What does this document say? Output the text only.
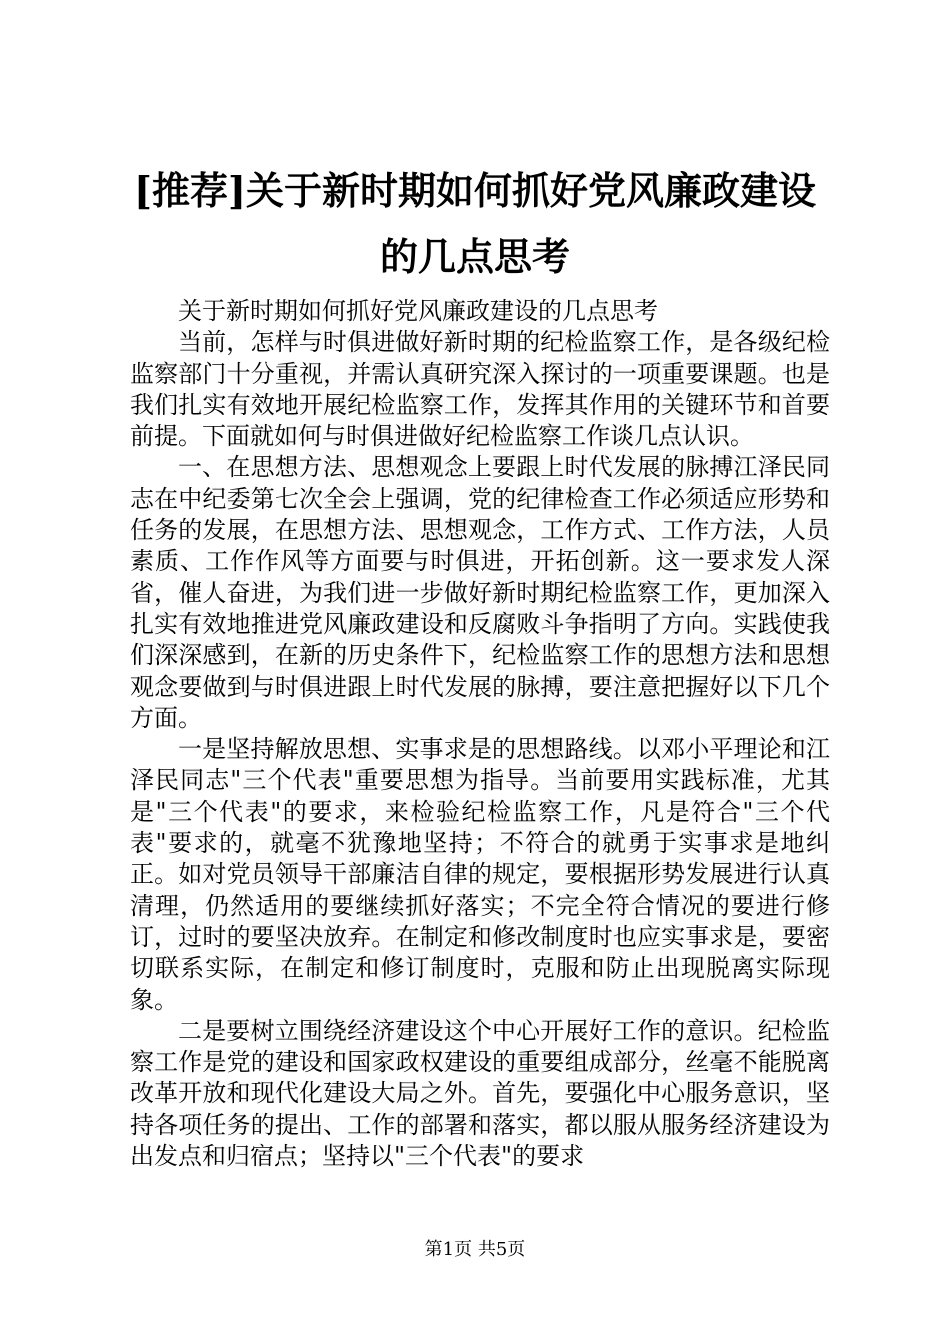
[推荐]关于新时期如何抓好党风廉政建设的几点思考

关于新时期如何抓好党风廉政建设的几点思考

当前，怎样与时俱进做好新时期的纪检监察工作，是各级纪检监察部门十分重视，并需认真研究深入探讨的一项重要课题。也是我们扎实有效地开展纪检监察工作，发挥其作用的关键环节和首要前提。下面就如何与时俱进做好纪检监察工作谈几点认识。

一、在思想方法、思想观念上要跟上时代发展的脉搏江泽民同志在中纪委第七次全会上强调，党的纪律检查工作必须适应形势和任务的发展，在思想方法、思想观念，工作方式、工作方法，人员素质、工作作风等方面要与时俱进，开拓创新。这一要求发人深省，催人奋进，为我们进一步做好新时期纪检监察工作，更加深入扎实有效地推进党风廉政建设和反腐败斗争指明了方向。实践使我们深深感到，在新的历史条件下，纪检监察工作的思想方法和思想观念要做到与时俱进跟上时代发展的脉搏，要注意把握好以下几个方面。

一是坚持解放思想、实事求是的思想路线。以邓小平理论和江泽民同志"三个代表"重要思想为指导。当前要用实践标准，尤其是"三个代表"的要求，来检验纪检监察工作，凡是符合"三个代表"要求的，就毫不犹豫地坚持；不符合的就勇于实事求是地纠正。如对党员领导干部廉洁自律的规定，要根据形势发展进行认真清理，仍然适用的要继续抓好落实；不完全符合情况的要进行修订，过时的要坚决放弃。在制定和修改制度时也应实事求是，要密切联系实际，在制定和修订制度时，克服和防止出现脱离实际现象。

二是要树立围绕经济建设这个中心开展好工作的意识。纪检监察工作是党的建设和国家政权建设的重要组成部分，丝毫不能脱离改革开放和现代化建设大局之外。首先，要强化中心服务意识，坚持各项任务的提出、工作的部署和落实，都以服从服务经济建设为出发点和归宿点；坚持以"三个代表"的要求

第1页 共5页
